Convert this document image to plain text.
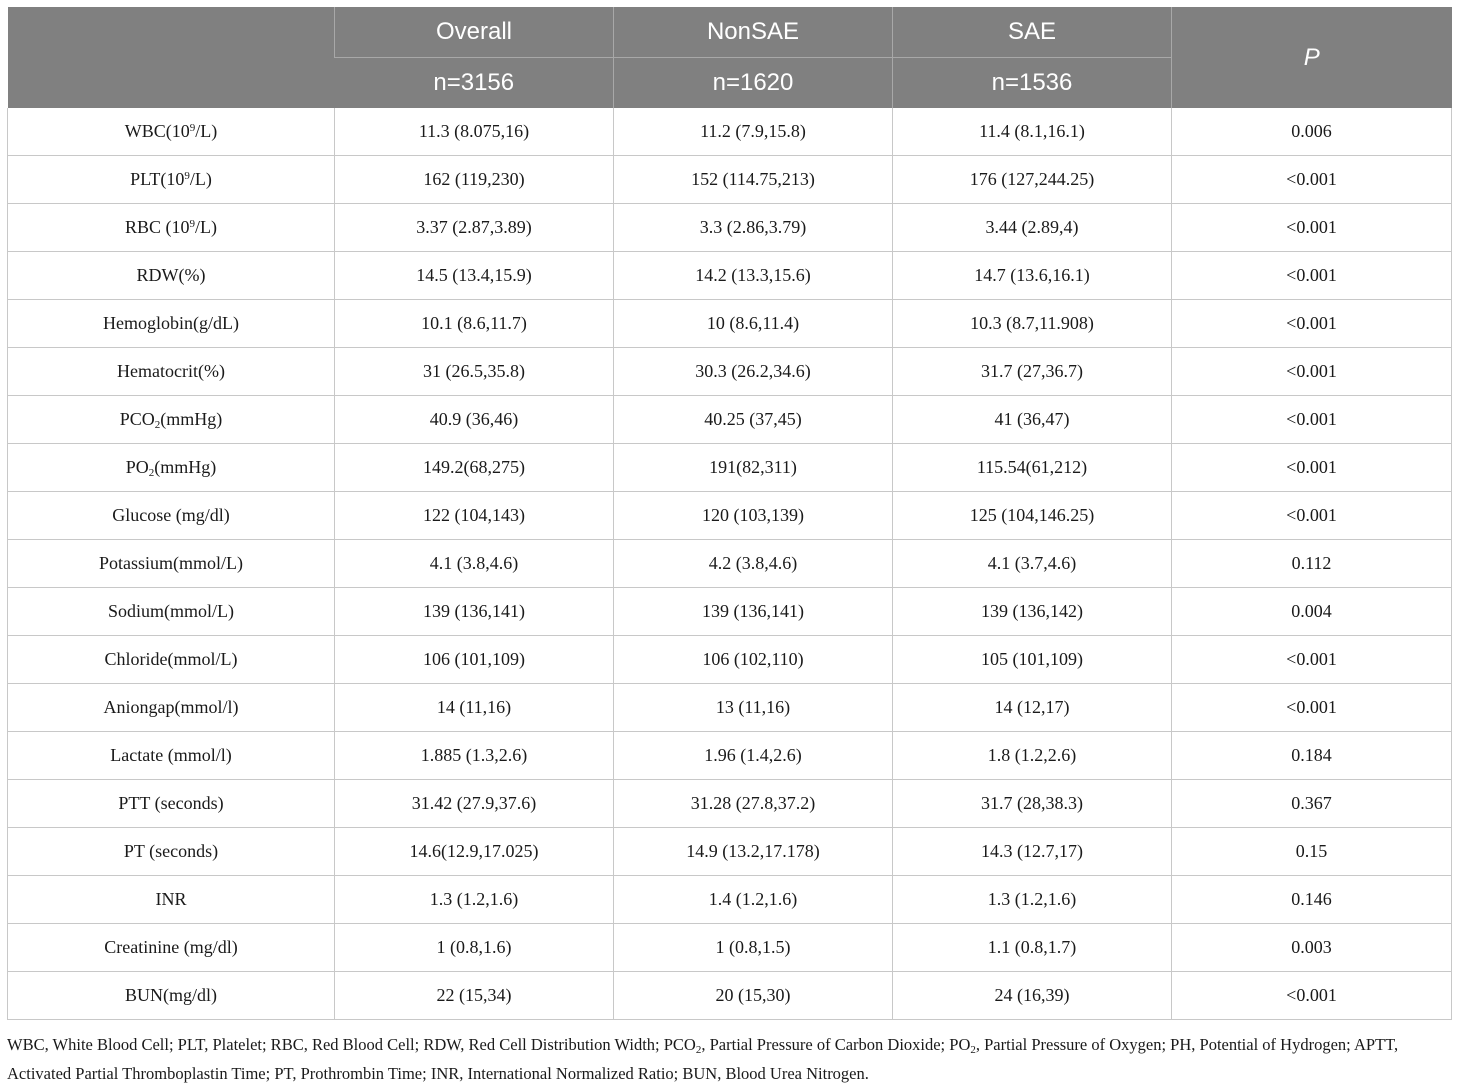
	Overall	NonSAE	SAE	P
	n=3156	n=1620	n=1536	
$WBC(10^9/L)$	11.3 (8.075,16)	11.2 (7.9,15.8)	11.4 (8.1,16.1)	0.006
$PLT(10^9/L)$	162 (119,230)	152 (114.75,213)	176 (127,244.25)	<0.001
RBC $(10^9/L)$	3.37 (2.87,3.89)	3.3 (2.86,3.79)	3.44 (2.89,4)	<0.001
RDW(%)	14.5 (13.4,15.9)	14.2 (13.3,15.6)	14.7 (13.6,16.1)	<0.001
Hemoglobin(g/dL)	10.1 (8.6,11.7)	10 (8.6,11.4)	10.3 (8.7,11.908)	<0.001
Hematocrit(%)	31 (26.5,35.8)	30.3 (26.2,34.6)	31.7 (27,36.7)	<0.001
$PCO_2(mmHg)$	40.9 (36,46)	40.25 (37,45)	41 (36,47)	<0.001
$PO_2(mmHg)$	149.2(68,275)	191(82,311)	115.54(61,212)	<0.001
Glucose (mg/dl)	122 (104,143)	120 (103,139)	125 (104,146.25)	<0.001
Potassium(mmol/L)	4.1 (3.8,4.6)	4.2 (3.8,4.6)	4.1 (3.7,4.6)	0.112
Sodium(mmol/L)	139 (136,141)	139 (136,141)	139 (136,142)	0.004
Chloride(mmol/L)	106 (101,109)	106 (102,110)	105 (101,109)	<0.001
Aniongap(mmol/l)	14 (11,16)	13 (11,16)	14 (12,17)	<0.001
Lactate (mmol/l)	1.885 (1.3,2.6)	1.96 (1.4,2.6)	1.8 (1.2,2.6)	0.184
PTT (seconds)	31.42 (27.9,37.6)	31.28 (27.8,37.2)	31.7 (28,38.3)	0.367
PT (seconds)	14.6(12.9,17.025)	14.9 (13.2,17.178)	14.3 (12.7,17)	0.15
INR	1.3 (1.2,1.6)	1.4 (1.2,1.6)	1.3 (1.2,1.6)	0.146
Creatinine (mg/dl)	1 (0.8,1.6)	1 (0.8,1.5)	1.1 (0.8,1.7)	0.003
BUN(mg/dl)	22 (15,34)	20 (15,30)	24 (16,39)	<0.001
WBC, White Blood Cell; PLT, Platelet; RBC, Red Blood Cell; RDW, Red Cell Distribution Width; $PCO_2$, Partial Pressure of Carbon Dioxide; $PO_2$, Partial Pressure of Oxygen; PH, Potential of Hydrogen; APTT, Activated Partial Thromboplastin Time; PT, Prothrombin Time; INR, International Normalized Ratio; BUN, Blood Urea Nitrogen.
